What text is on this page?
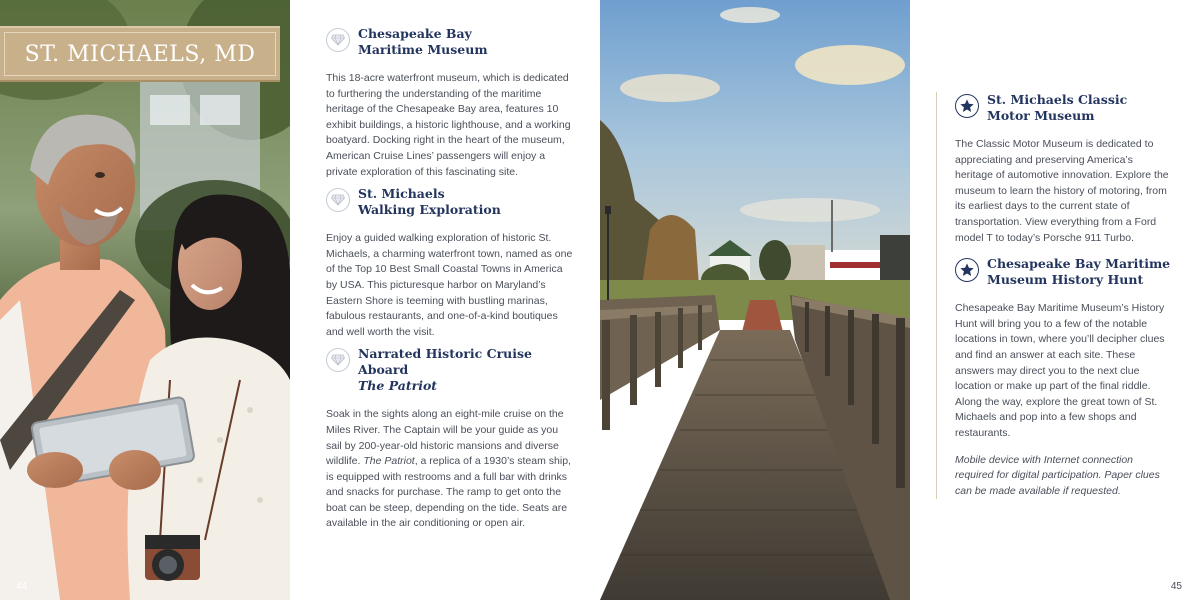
ST. MICHAELS, MD
44
Chesapeake Bay
Maritime Museum

This 18-acre waterfront museum, which is dedicated to furthering the understanding of the maritime heritage of the Chesapeake Bay area, features 10 exhibit buildings, a historic lighthouse, and a working boatyard. Docking right in the heart of the museum, American Cruise Lines’ passengers will enjoy a private exploration of this fascinating site.

St. Michaels
Walking Exploration

Enjoy a guided walking exploration of historic St. Michaels, a charming waterfront town, named as one of the Top 10 Best Small Coastal Towns in America by USA. This picturesque harbor on Maryland’s Eastern Shore is teeming with bustling marinas, fabulous restaurants, and one-of-a-kind boutiques and well worth the visit.

Narrated Historic Cruise Aboard
The Patriot

Soak in the sights along an eight-mile cruise on the Miles River. The Captain will be your guide as you sail by 200-year-old historic mansions and diverse wildlife. The Patriot, a replica of a 1930’s steam ship, is equipped with restrooms and a full bar with drinks and snacks for purchase. The ramp to get onto the boat can be steep, depending on the tide. Seats are available in the air conditioning or open air.

St. Michaels Classic
Motor Museum

The Classic Motor Museum is dedicated to appreciating and preserving America’s heritage of automotive innovation. Explore the museum to learn the history of motoring, from its earliest days to the current state of transportation. View everything from a Ford model T to today’s Porsche 911 Turbo.

Chesapeake Bay Maritime
Museum History Hunt

Chesapeake Bay Maritime Museum’s History Hunt will bring you to a few of the notable locations in town, where you’ll decipher clues and find an answer at each site. These answers may direct you to the next clue location or make up part of the final riddle. Along the way, explore the great town of St. Michaels and pop into a few shops and restaurants.

Mobile device with Internet connection required for digital participation. Paper clues can be made available if requested.

45
